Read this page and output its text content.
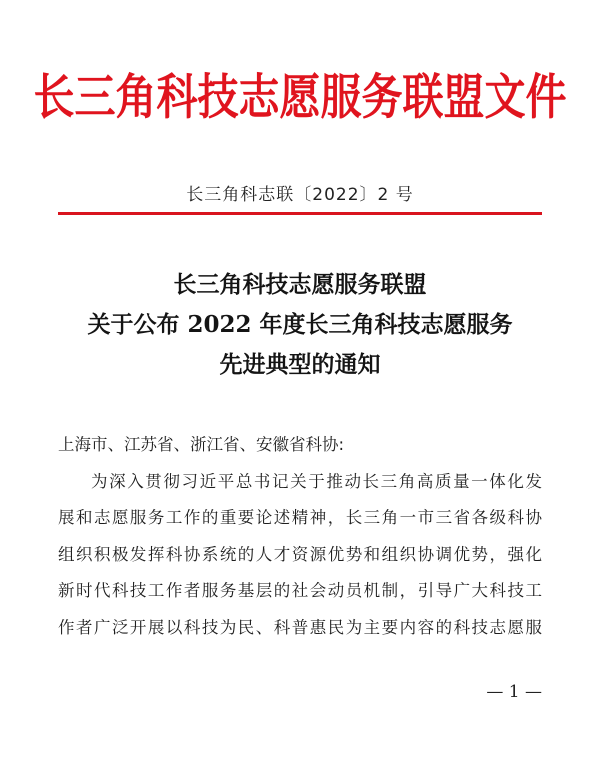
长三角科技志愿服务联盟文件
长三角科志联〔2022〕2 号
长三角科技志愿服务联盟
关于公布 2022 年度长三角科技志愿服务
先进典型的通知
上海市、江苏省、浙江省、安徽省科协:
为深入贯彻习近平总书记关于推动长三角高质量一体化发
展和志愿服务工作的重要论述精神，长三角一市三省各级科协
组织积极发挥科协系统的人才资源优势和组织协调优势，强化
新时代科技工作者服务基层的社会动员机制，引导广大科技工
作者广泛开展以科技为民、科普惠民为主要内容的科技志愿服
— 1 —
